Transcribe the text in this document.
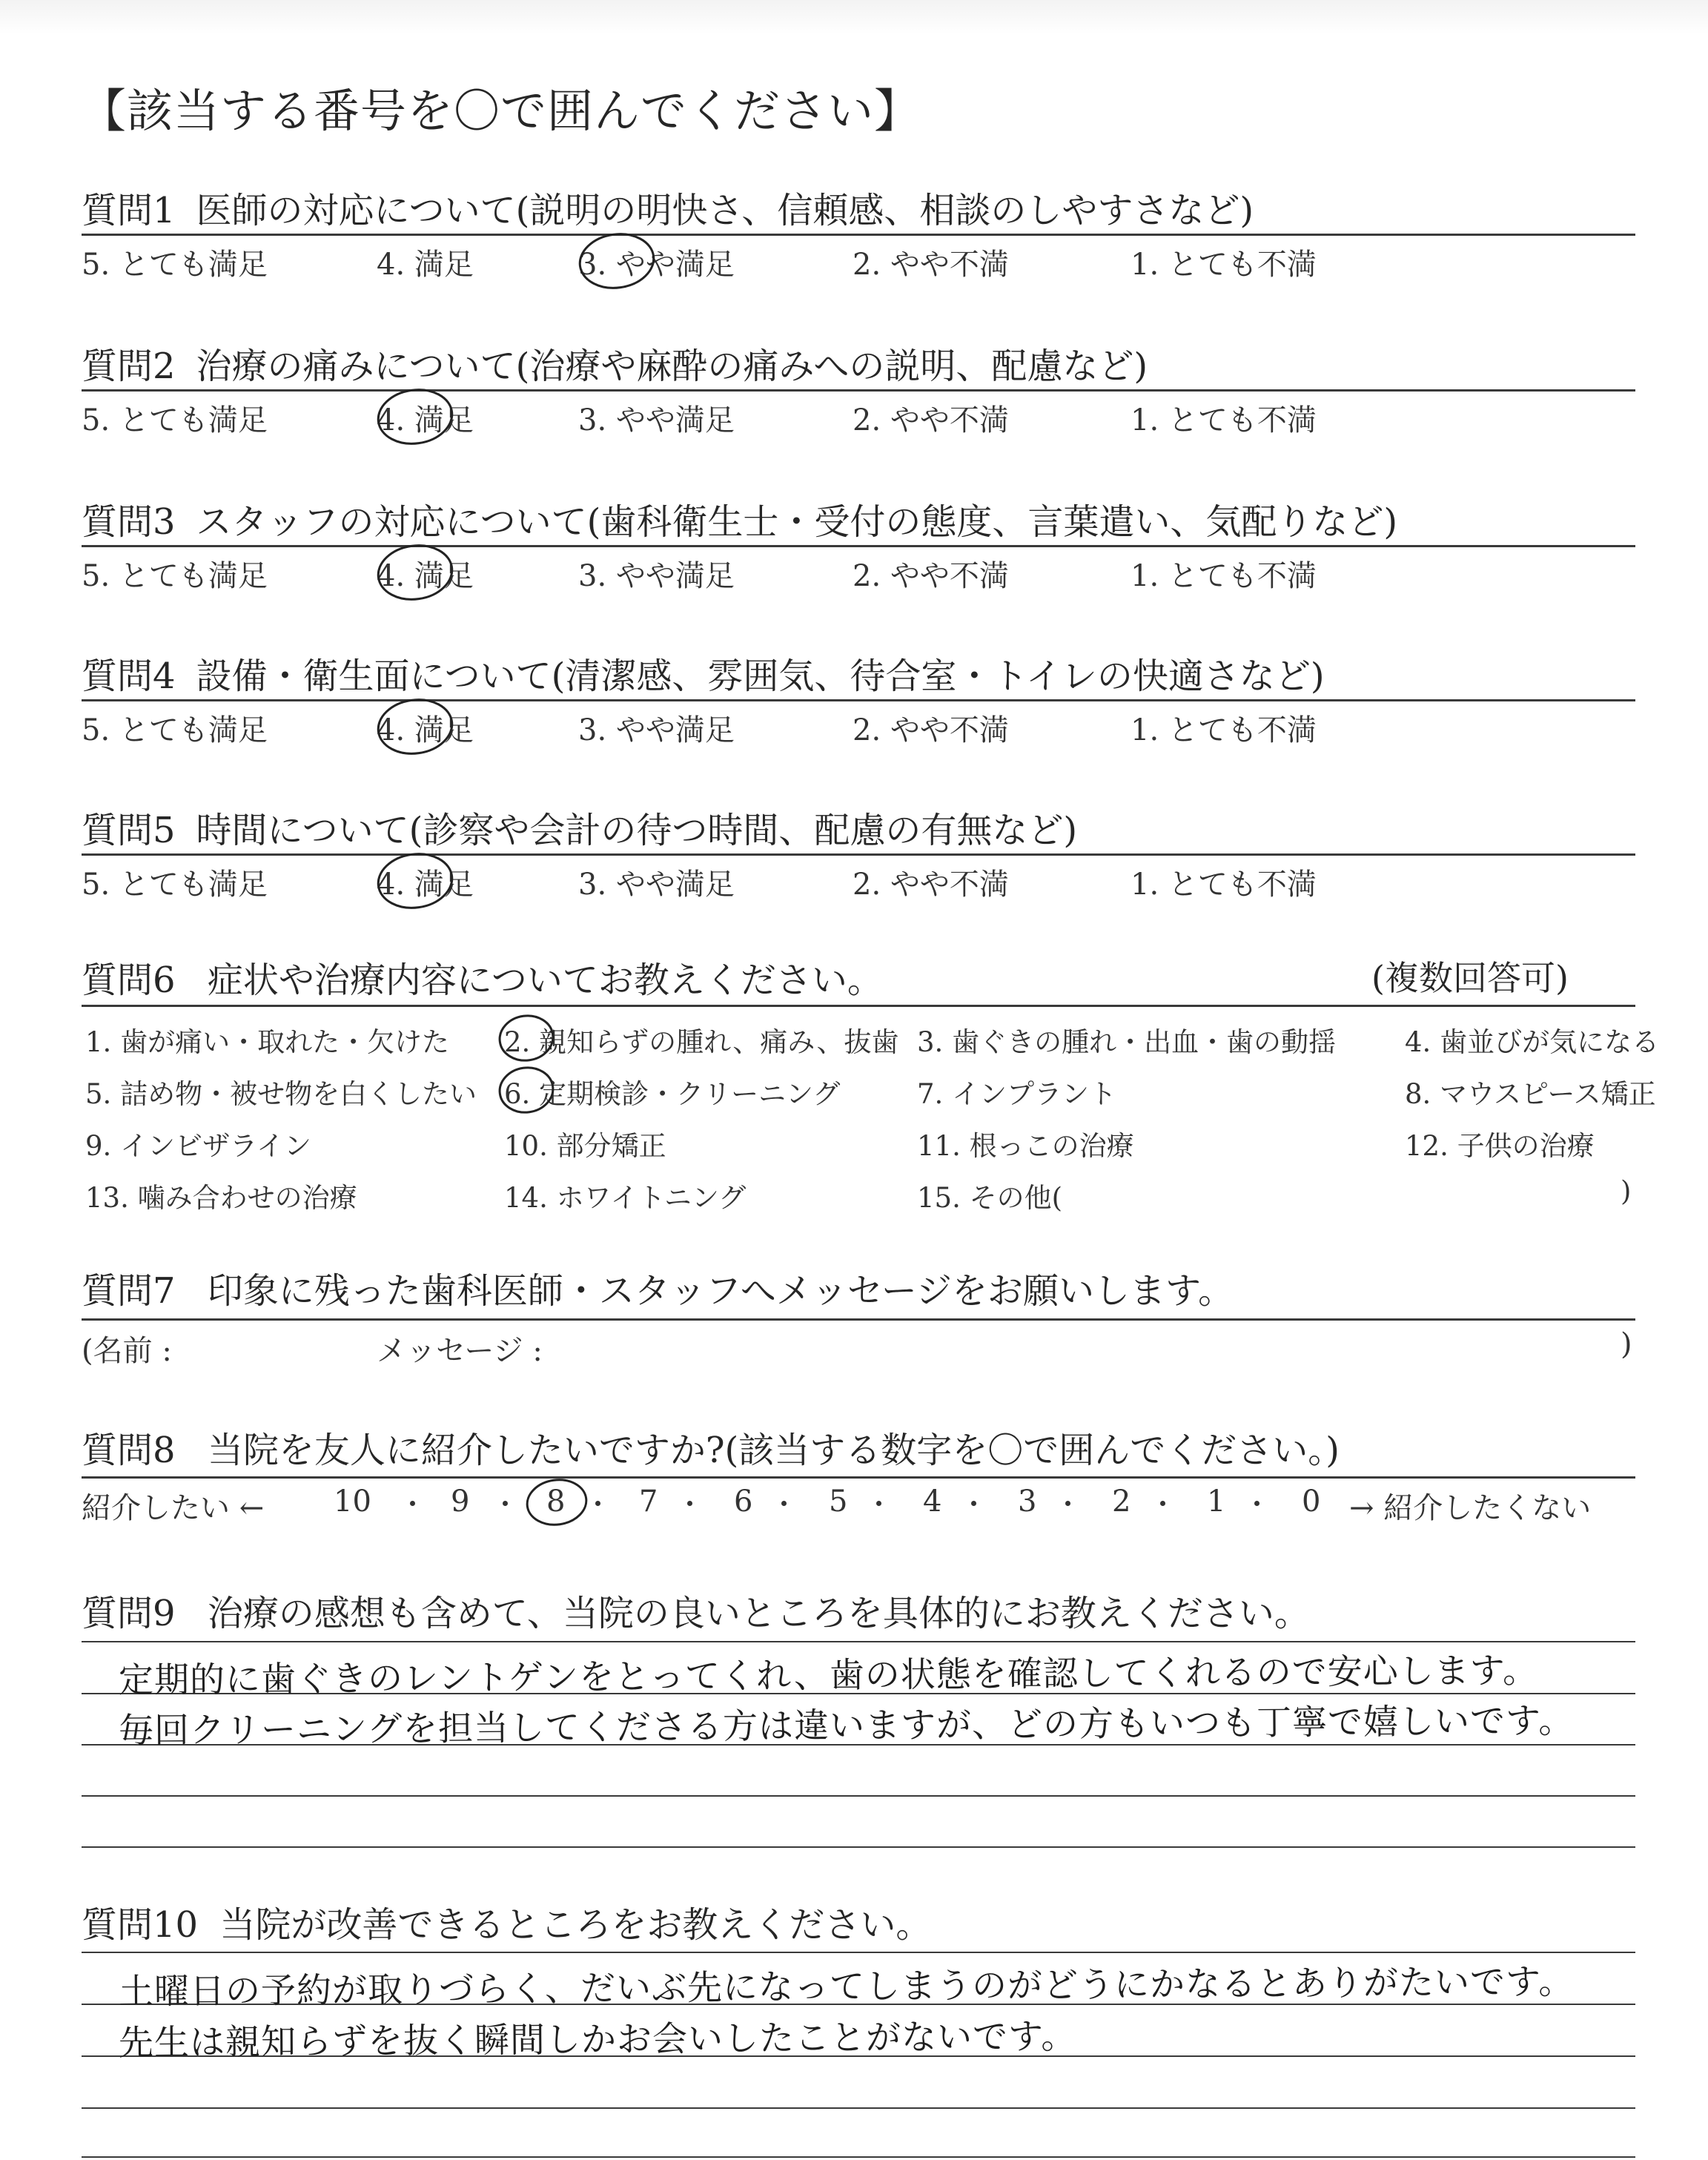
【該当する番号を〇で囲んでください】
質問1 医師の対応について(説明の明快さ、信頼感、相談のしやすさなど)
5. とても満足	4. 満足	3. やや満足	2. やや不満	1. とても不満
質問2 治療の痛みについて(治療や麻酔の痛みへの説明、配慮など)
5. とても満足	4. 満足	3. やや満足	2. やや不満	1. とても不満
質問3 スタッフの対応について(歯科衛生士・受付の態度、言葉遣い、気配りなど)
5. とても満足	4. 満足	3. やや満足	2. やや不満	1. とても不満
質問4 設備・衛生面について(清潔感、雰囲気、待合室・トイレの快適さなど)
5. とても満足	4. 満足	3. やや満足	2. やや不満	1. とても不満
質問5 時間について(診察や会計の待つ時間、配慮の有無など)
5. とても満足	4. 満足	3. やや満足	2. やや不満	1. とても不満
質問6 症状や治療内容についてお教えください。	(複数回答可)
1. 歯が痛い・取れた・欠けた 2. 親知らずの腫れ、痛み、抜歯 3. 歯ぐきの腫れ・出血・歯の動揺	4. 歯並びが気になる
5. 詰め物・被せ物を白くしたい 6. 定期検診・クリーニング	7. インプラント	8. マウスピース矯正
9. インビザライン	10. 部分矯正	11. 根っこの治療	12. 子供の治療
13. 噛み合わせの治療	14. ホワイトニング	15. その他(	)
質問7 印象に残った歯科医師・スタッフへメッセージをお願いします。
(名前 :	メッセージ :	)
質問8 当院を友人に紹介したいですか?(該当する数字を〇で囲んでください。)
紹介したい ←	→ 紹介したくない
10	9	8 7	6	5	4	3	2	1	0
質問9 治療の感想も含めて、当院の良いところを具体的にお教えください。
定期的に歯ぐきのレントゲンをとってくれ、歯の状態を確認してくれるので安心します。
毎回クリーニングを担当してくださる方は違いますが、どの方もいつも丁寧で嬉しいです。
質問10 当院が改善できるところをお教えください。
土曜日の予約が取りづらく、だいぶ先になってしまうのがどうにかなるとありがたいです。
先生は親知らずを抜く瞬間しかお会いしたことがないです。
